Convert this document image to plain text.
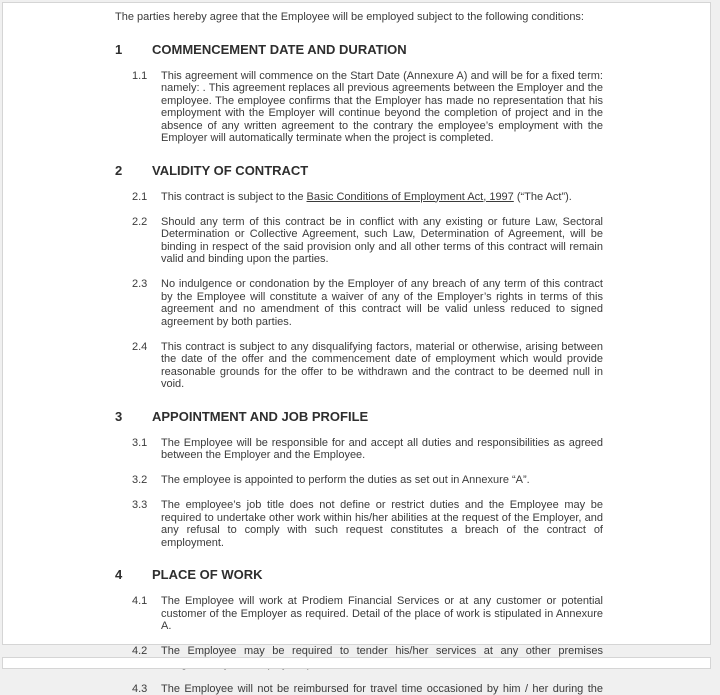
The parties hereby agree that the Employee will be employed subject to the following conditions:

1	COMMENCEMENT DATE AND DURATION
1.1	This agreement will commence on the Start Date (Annexure A) and will be for a fixed term: namely: . This agreement replaces all previous agreements between the Employer and the employee. The employee confirms that the Employer has made no representation that his employment with the Employer will continue beyond the completion of project and in the absence of any written agreement to the contrary the employee’s employment with the Employer will automatically terminate when the project is completed.

2	VALIDITY OF CONTRACT
2.1	This contract is subject to the Basic Conditions of Employment Act, 1997 (“The Act”).

2.2	Should any term of this contract be in conflict with any existing or future Law, Sectoral Determination or Collective Agreement, such Law, Determination of Agreement, will be binding in respect of the said provision only and all other terms of this contract will remain valid and binding upon the parties.

2.3	No indulgence or condonation by the Employer of any breach of any term of this contract by the Employee will constitute a waiver of any of the Employer’s rights in terms of this agreement and no amendment of this contract will be valid unless reduced to signed agreement by both parties.

2.4	This contract is subject to any disqualifying factors, material or otherwise, arising between the date of the offer and the commencement date of employment which would provide reasonable grounds for the offer to be withdrawn and the contract to be deemed null in void.

3	APPOINTMENT AND JOB PROFILE
3.1	The Employee will be responsible for and accept all duties and responsibilities as agreed between the Employer and the Employee.

3.2	The employee is appointed to perform the duties as set out in Annexure “A”.

3.3	The employee’s job title does not define or restrict duties and the Employee may be required to undertake other work within his/her abilities at the request of the Employer, and any refusal to comply with such request constitutes a breach of the contract of employment.

4	PLACE OF WORK
4.1	The Employee will work at Prodiem Financial Services or at any customer or potential customer of the Employer as required. Detail of the place of work is stipulated in Annexure A.

4.2	The Employee may be required to tender his/her services at any other premises

4.3	The Employee will not be reimbursed for travel time occasioned by him / her during the
